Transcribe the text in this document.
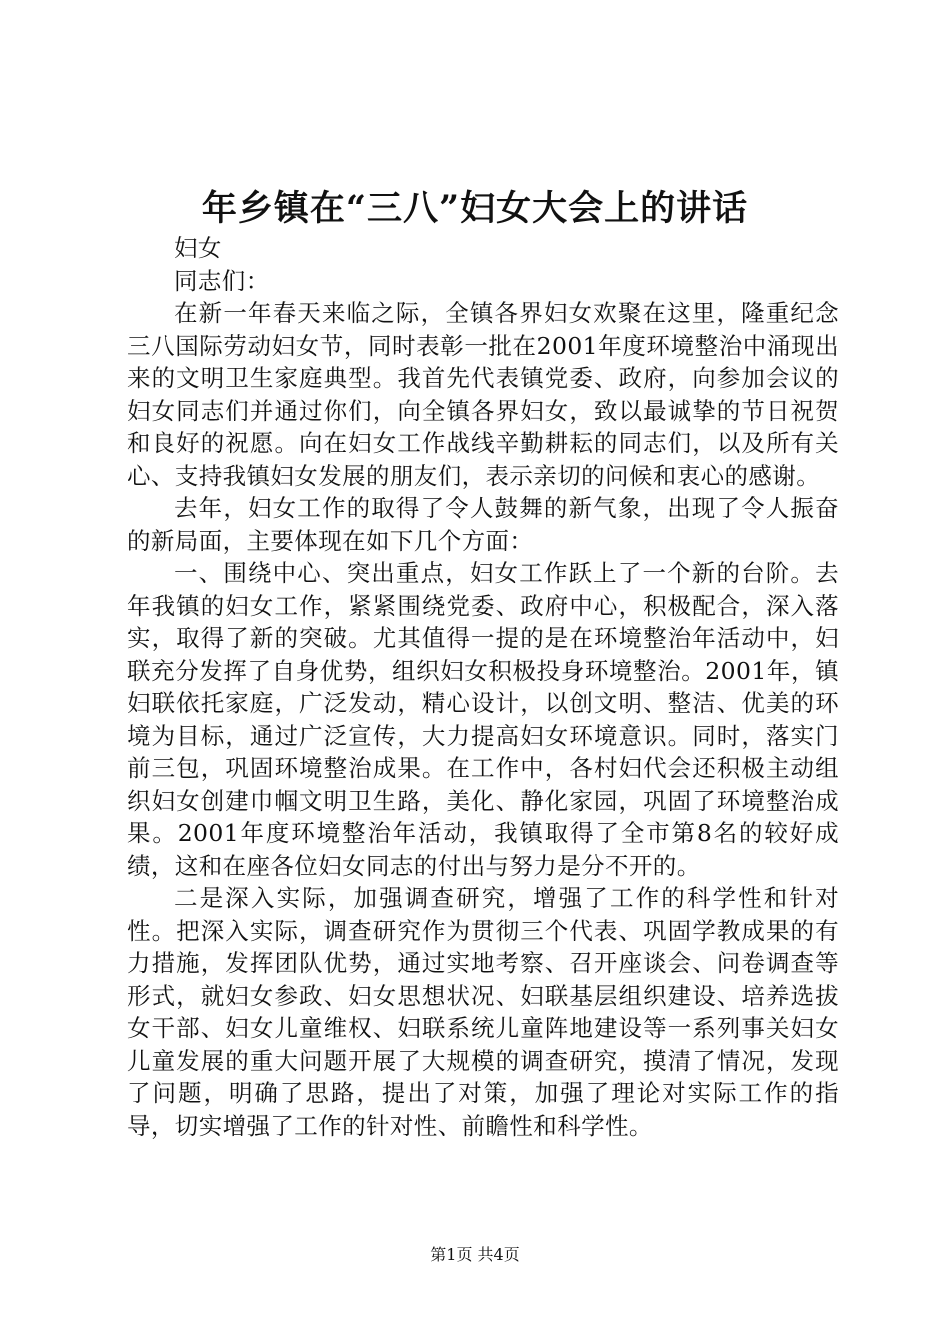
年乡镇在“三八”妇女大会上的讲话

妇女

同志们：

在新一年春天来临之际，全镇各界妇女欢聚在这里，隆重纪念三八国际劳动妇女节，同时表彰一批在2001年度环境整治中涌现出来的文明卫生家庭典型。我首先代表镇党委、政府，向参加会议的妇女同志们并通过你们，向全镇各界妇女，致以最诚挚的节日祝贺和良好的祝愿。向在妇女工作战线辛勤耕耘的同志们，以及所有关心、支持我镇妇女发展的朋友们，表示亲切的问候和衷心的感谢。

去年，妇女工作的取得了令人鼓舞的新气象，出现了令人振奋的新局面，主要体现在如下几个方面：

一、围绕中心、突出重点，妇女工作跃上了一个新的台阶。去年我镇的妇女工作，紧紧围绕党委、政府中心，积极配合，深入落实，取得了新的突破。尤其值得一提的是在环境整治年活动中，妇联充分发挥了自身优势，组织妇女积极投身环境整治。2001年，镇妇联依托家庭，广泛发动，精心设计，以创文明、整洁、优美的环境为目标，通过广泛宣传，大力提高妇女环境意识。同时，落实门前三包，巩固环境整治成果。在工作中，各村妇代会还积极主动组织妇女创建巾帼文明卫生路，美化、静化家园，巩固了环境整治成果。2001年度环境整治年活动，我镇取得了全市第8名的较好成绩，这和在座各位妇女同志的付出与努力是分不开的。

二是深入实际，加强调查研究，增强了工作的科学性和针对性。把深入实际，调查研究作为贯彻三个代表、巩固学教成果的有力措施，发挥团队优势，通过实地考察、召开座谈会、问卷调查等形式，就妇女参政、妇女思想状况、妇联基层组织建设、培养选拔女干部、妇女儿童维权、妇联系统儿童阵地建设等一系列事关妇女儿童发展的重大问题开展了大规模的调查研究，摸清了情况，发现了问题，明确了思路，提出了对策，加强了理论对实际工作的指导，切实增强了工作的针对性、前瞻性和科学性。

第1页 共4页
